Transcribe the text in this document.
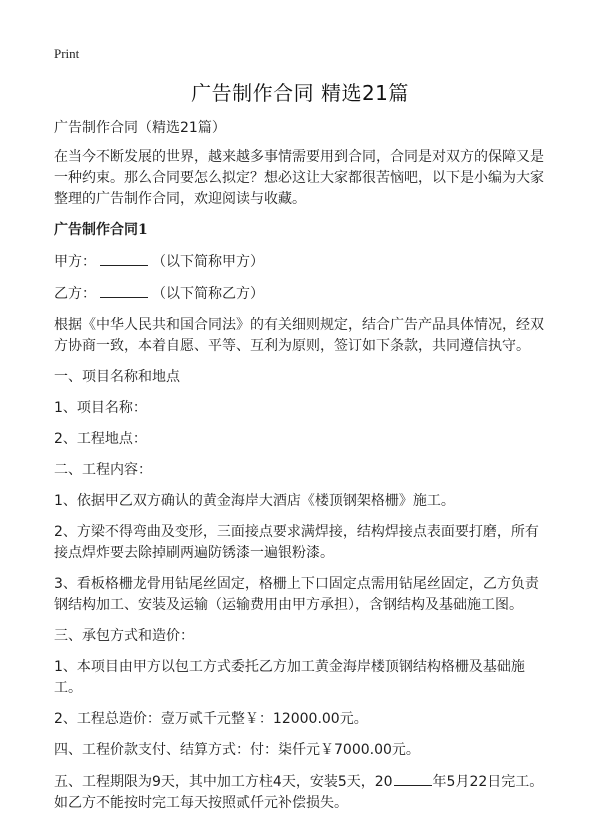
Print
广告制作合同 精选21篇

广告制作合同（精选21篇）

在当今不断发展的世界，越来越多事情需要用到合同，合同是对双方的保障又是一种约束。那么合同要怎么拟定？想必这让大家都很苦恼吧，以下是小编为大家整理的广告制作合同，欢迎阅读与收藏。

广告制作合同1

甲方：	（以下简称甲方）

乙方：	（以下简称乙方）

根据《中华人民共和国合同法》的有关细则规定，结合广告产品具体情况，经双方协商一致，本着自愿、平等、互利为原则，签订如下条款，共同遵信执守。

一、项目名称和地点

1、项目名称：

2、工程地点：

二、工程内容：

1、依据甲乙双方确认的黄金海岸大酒店《楼顶钢架格栅》施工。

2、方梁不得弯曲及变形，三面接点要求满焊接，结构焊接点表面要打磨，所有接点焊炸要去除掉刷两遍防锈漆一遍银粉漆。

3、看板格栅龙骨用钻尾丝固定，格栅上下口固定点需用钻尾丝固定，乙方负责钢结构加工、安装及运输（运输费用由甲方承担），含钢结构及基础施工图。

三、承包方式和造价：

1、本项目由甲方以包工方式委托乙方加工黄金海岸楼顶钢结构格栅及基础施工。

2、工程总造价：壹万贰千元整￥：12000.00元。

四、工程价款支付、结算方式：付：柒仟元￥7000.00元。

五、工程期限为9天，其中加工方柱4天，安装5天，20	年5月22日完工。如乙方不能按时完工每天按照贰仟元补偿损失。
